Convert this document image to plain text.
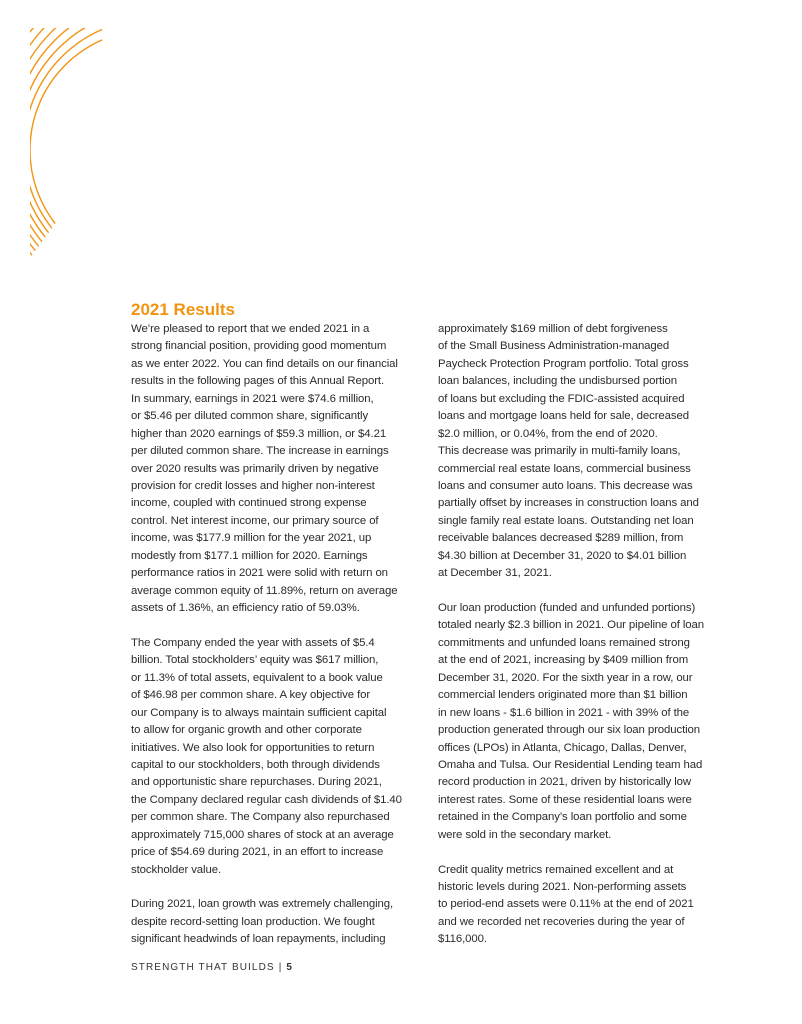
2021 Results
We’re pleased to report that we ended 2021 in a
strong financial position, providing good momentum
as we enter 2022. You can find details on our financial
results in the following pages of this Annual Report.
In summary, earnings in 2021 were $74.6 million,
or $5.46 per diluted common share, significantly
higher than 2020 earnings of $59.3 million, or $4.21
per diluted common share. The increase in earnings
over 2020 results was primarily driven by negative
provision for credit losses and higher non-interest
income, coupled with continued strong expense
control. Net interest income, our primary source of
income, was $177.9 million for the year 2021, up
modestly from $177.1 million for 2020. Earnings
performance ratios in 2021 were solid with return on
average common equity of 11.89%, return on average
assets of 1.36%, an efficiency ratio of 59.03%.
The Company ended the year with assets of $5.4
billion. Total stockholders’ equity was $617 million,
or 11.3% of total assets, equivalent to a book value
of $46.98 per common share. A key objective for
our Company is to always maintain sufficient capital
to allow for organic growth and other corporate
initiatives. We also look for opportunities to return
capital to our stockholders, both through dividends
and opportunistic share repurchases. During 2021,
the Company declared regular cash dividends of $1.40
per common share. The Company also repurchased
approximately 715,000 shares of stock at an average
price of $54.69 during 2021, in an effort to increase
stockholder value.
During 2021, loan growth was extremely challenging,
despite record-setting loan production. We fought
significant headwinds of loan repayments, including
approximately $169 million of debt forgiveness
of the Small Business Administration-managed
Paycheck Protection Program portfolio. Total gross
loan balances, including the undisbursed portion
of loans but excluding the FDIC-assisted acquired
loans and mortgage loans held for sale, decreased
$2.0 million, or 0.04%, from the end of 2020.
This decrease was primarily in multi-family loans,
commercial real estate loans, commercial business
loans and consumer auto loans. This decrease was
partially offset by increases in construction loans and
single family real estate loans. Outstanding net loan
receivable balances decreased $289 million, from
$4.30 billion at December 31, 2020 to $4.01 billion
at December 31, 2021.
Our loan production (funded and unfunded portions)
totaled nearly $2.3 billion in 2021. Our pipeline of loan
commitments and unfunded loans remained strong
at the end of 2021, increasing by $409 million from
December 31, 2020. For the sixth year in a row, our
commercial lenders originated more than $1 billion
in new loans - $1.6 billion in 2021 - with 39% of the
production generated through our six loan production
offices (LPOs) in Atlanta, Chicago, Dallas, Denver,
Omaha and Tulsa. Our Residential Lending team had
record production in 2021, driven by historically low
interest rates. Some of these residential loans were
retained in the Company’s loan portfolio and some
were sold in the secondary market.
Credit quality metrics remained excellent and at
historic levels during 2021. Non-performing assets
to period-end assets were 0.11% at the end of 2021
and we recorded net recoveries during the year of
$116,000.
STRENGTH THAT BUILDS | 5
